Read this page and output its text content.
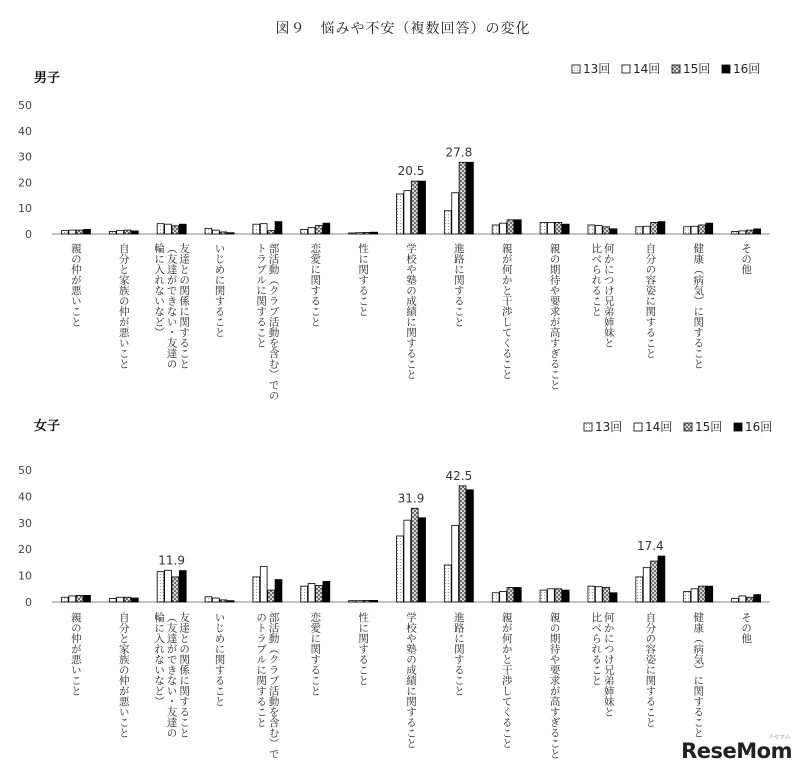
図９　悩みや不安（複数回答）の変化
男子
0
10
20
30
40
50
13回 14回 15回 16回
20.5
27.8
親の仲が悪いこと	自分と家族の仲が悪いこと	友達との関係に関すること
（友達ができない・友達の
輪に入れないなど）	いじめに関すること	部活動（クラブ活動を含む）での
トラブルに関すること	恋愛に関すること	性に関すること	学校や塾の成績に関すること	進路に関すること	親が何かと干渉してくること	親の期待や要求が高すぎること	何かにつけ兄弟姉妹と
比べられること	自分の容姿に関すること	健康（病気）に関すること	その他
女子
0
10
20
30
40
50
13回 14回 15回 16回
11.9
31.9
42.5
17.4
親の仲が悪いこと	自分と家族の仲が悪いこと	友達との関係に関すること
（友達ができない・友達の
輪に入れないなど）	いじめに関すること	部活動（クラブ活動を含む）で
のトラブルに関すること	恋愛に関すること	性に関すること	学校や塾の成績に関すること	進路に関すること	親が何かと干渉してくること	親の期待や要求が高すぎること	何かにつけ兄弟姉妹と
比べられること	自分の容姿に関すること	健康（病気）に関すること	その他
ReseMom
リセマム
